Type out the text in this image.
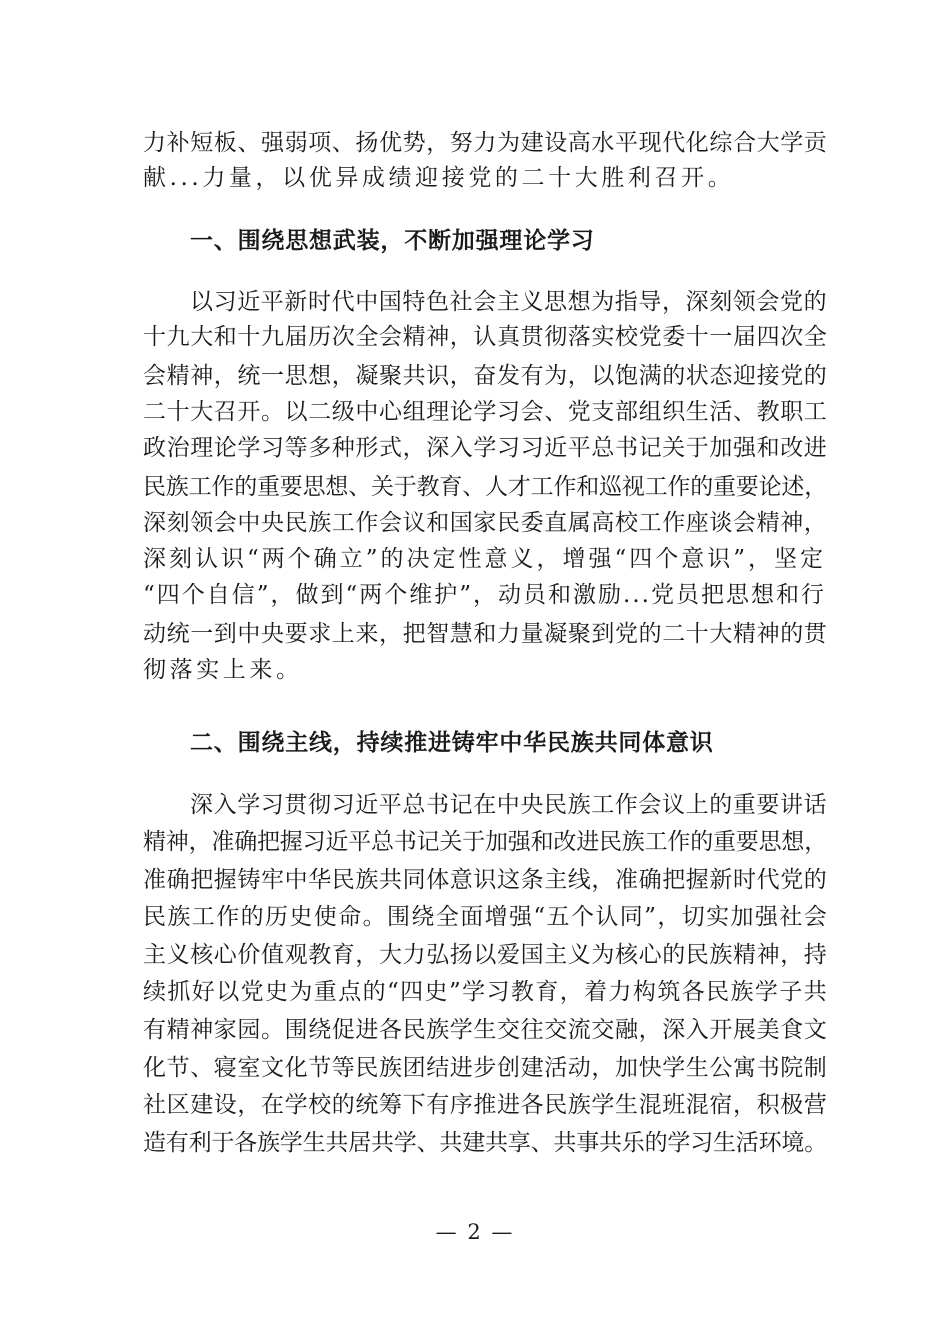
力补短板、强弱项、扬优势，努力为建设高水平现代化综合大学贡
献...力量，以优异成绩迎接党的二十大胜利召开。
一、围绕思想武装，不断加强理论学习
以习近平新时代中国特色社会主义思想为指导，深刻领会党的
十九大和十九届历次全会精神，认真贯彻落实校党委十一届四次全
会精神，统一思想，凝聚共识，奋发有为，以饱满的状态迎接党的
二十大召开。以二级中心组理论学习会、党支部组织生活、教职工
政治理论学习等多种形式，深入学习习近平总书记关于加强和改进
民族工作的重要思想、关于教育、人才工作和巡视工作的重要论述，
深刻领会中央民族工作会议和国家民委直属高校工作座谈会精神，
深刻认识“两个确立”的决定性意义，增强“四个意识”，坚定
“四个自信”，做到“两个维护”，动员和激励...党员把思想和行
动统一到中央要求上来，把智慧和力量凝聚到党的二十大精神的贯
彻落实上来。
二、围绕主线，持续推进铸牢中华民族共同体意识
深入学习贯彻习近平总书记在中央民族工作会议上的重要讲话
精神，准确把握习近平总书记关于加强和改进民族工作的重要思想，
准确把握铸牢中华民族共同体意识这条主线，准确把握新时代党的
民族工作的历史使命。围绕全面增强“五个认同”，切实加强社会
主义核心价值观教育，大力弘扬以爱国主义为核心的民族精神，持
续抓好以党史为重点的“四史”学习教育，着力构筑各民族学子共
有精神家园。围绕促进各民族学生交往交流交融，深入开展美食文
化节、寝室文化节等民族团结进步创建活动，加快学生公寓书院制
社区建设，在学校的统筹下有序推进各民族学生混班混宿，积极营
造有利于各族学生共居共学、共建共享、共事共乐的学习生活环境。
— 2 —
